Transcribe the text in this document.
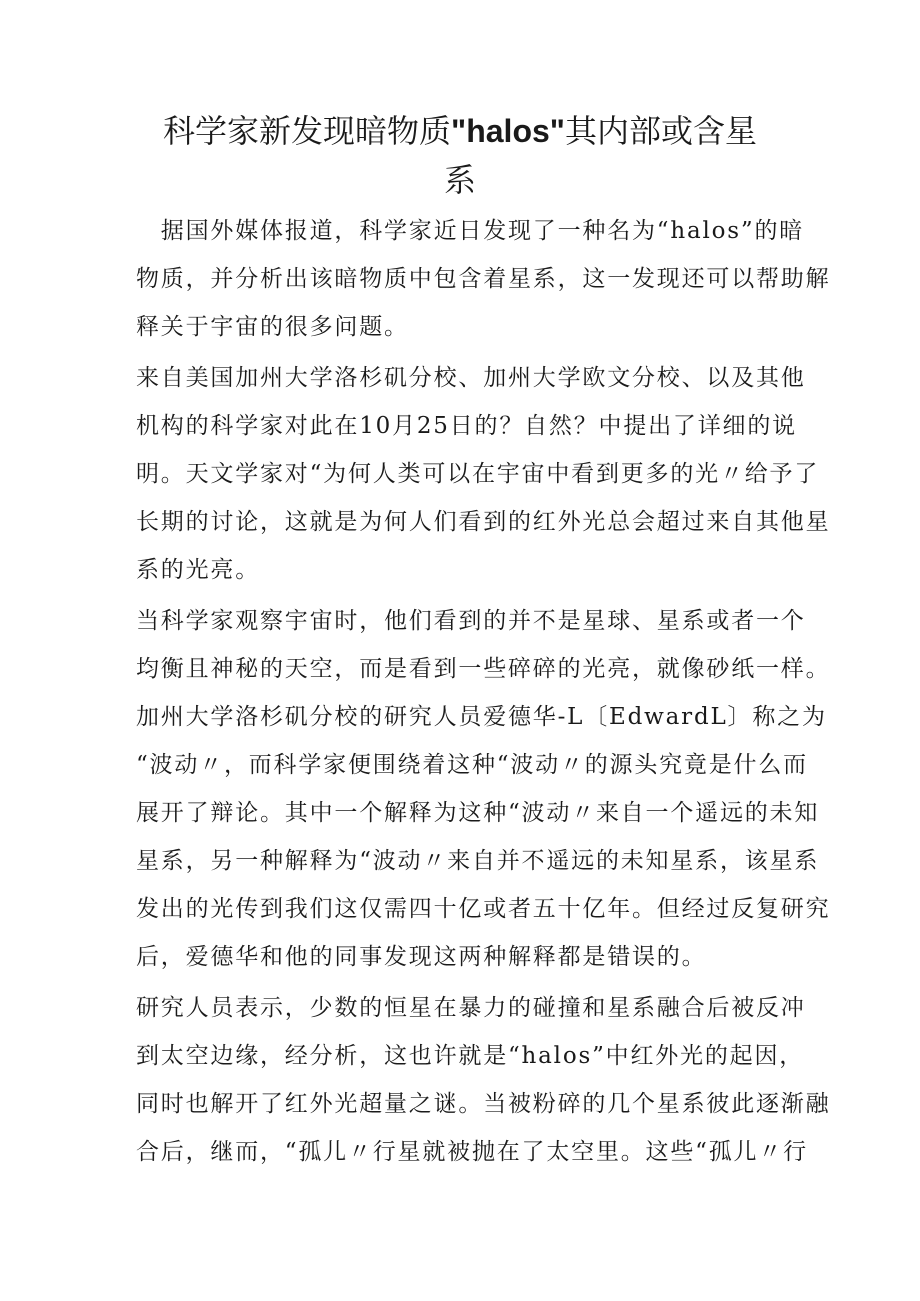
科学家新发现暗物质"halos"其内部或含星
系
　据国外媒体报道，科学家近日发现了一种名为“halos”的暗
物质，并分析出该暗物质中包含着星系，这一发现还可以帮助解
释关于宇宙的很多问题。
来自美国加州大学洛杉矶分校、加州大学欧文分校、以及其他
机构的科学家对此在10月25日的？自然？中提出了详细的说
明。天文学家对“为何人类可以在宇宙中看到更多的光〃给予了
长期的讨论，这就是为何人们看到的红外光总会超过来自其他星
系的光亮。
当科学家观察宇宙时，他们看到的并不是星球、星系或者一个
均衡且神秘的天空，而是看到一些碎碎的光亮，就像砂纸一样。
加州大学洛杉矶分校的研究人员爱德华-L〔EdwardL〕称之为
“波动〃，而科学家便围绕着这种“波动〃的源头究竟是什么而
展开了辩论。其中一个解释为这种“波动〃来自一个遥远的未知
星系，另一种解释为“波动〃来自并不遥远的未知星系，该星系
发出的光传到我们这仅需四十亿或者五十亿年。但经过反复研究
后，爱德华和他的同事发现这两种解释都是错误的。
研究人员表示，少数的恒星在暴力的碰撞和星系融合后被反冲
到太空边缘，经分析，这也许就是“halos”中红外光的起因，
同时也解开了红外光超量之谜。当被粉碎的几个星系彼此逐渐融
合后，继而，“孤儿〃行星就被抛在了太空里。这些“孤儿〃行
